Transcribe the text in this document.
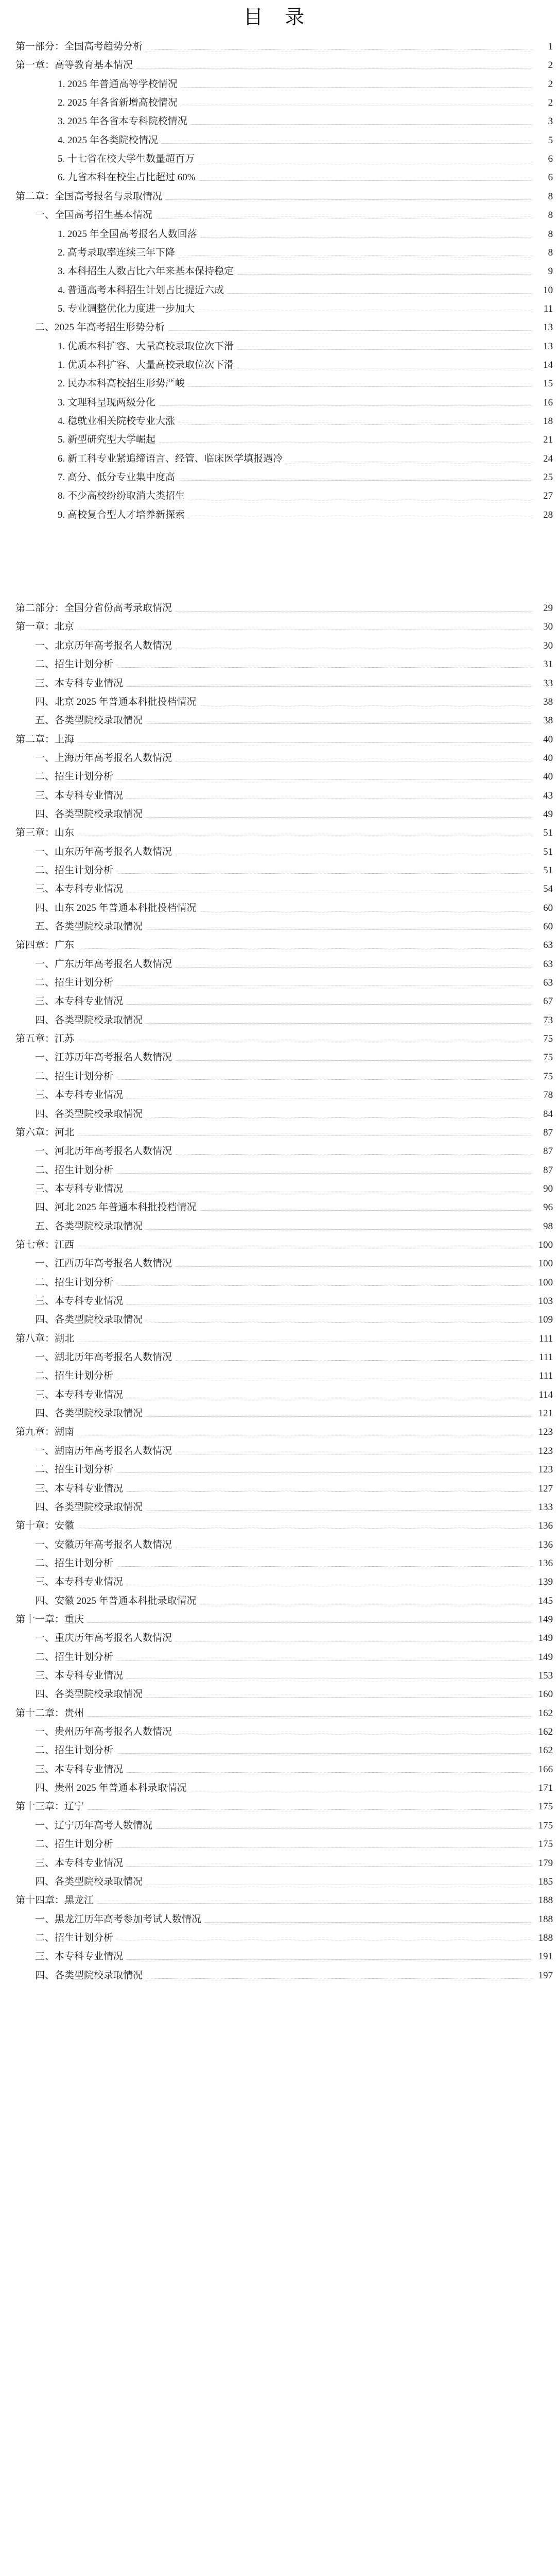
目 录
第一部分：全国高考趋势分析	1
第一章：高等教育基本情况	2
1. 2025 年普通高等学校情况	2
2. 2025 年各省新增高校情况	2
3. 2025 年各省本专科院校情况	3
4. 2025 年各类院校情况	5
5. 十七省在校大学生数量超百万	6
6. 九省本科在校生占比超过 60%	6
第二章：全国高考报名与录取情况	8
一、全国高考招生基本情况	8
1. 2025 年全国高考报名人数回落	8
2. 高考录取率连续三年下降	8
3. 本科招生人数占比六年来基本保持稳定	9
4. 普通高考本科招生计划占比提近六成	10
5. 专业调整优化力度进一步加大	11
二、2025 年高考招生形势分析	13
1. 优质本科扩容、大量高校录取位次下滑	13
1. 优质本科扩容、大量高校录取位次下滑	14
2. 民办本科高校招生形势严峻	15
3. 文理科呈现两级分化	16
4. 稳就业相关院校专业大涨	18
5. 新型研究型大学崛起	21
6. 新工科专业紧追缔语言、经管、临床医学填报遇冷	24
7. 高分、低分专业集中度高	25
8. 不少高校纷纷取消大类招生	27
9. 高校复合型人才培养新探索	28
第二部分：全国分省份高考录取情况	29
第一章：北京	30
一、北京历年高考报名人数情况	30
二、招生计划分析	31
三、本专科专业情况	33
四、北京 2025 年普通本科批投档情况	38
五、各类型院校录取情况	38
第二章：上海	40
一、上海历年高考报名人数情况	40
二、招生计划分析	40
三、本专科专业情况	43
四、各类型院校录取情况	49
第三章：山东	51
一、山东历年高考报名人数情况	51
二、招生计划分析	51
三、本专科专业情况	54
四、山东 2025 年普通本科批投档情况	60
五、各类型院校录取情况	60
第四章：广东	63
一、广东历年高考报名人数情况	63
二、招生计划分析	63
三、本专科专业情况	67
四、各类型院校录取情况	73
第五章：江苏	75
一、江苏历年高考报名人数情况	75
二、招生计划分析	75
三、本专科专业情况	78
四、各类型院校录取情况	84
第六章：河北	87
一、河北历年高考报名人数情况	87
二、招生计划分析	87
三、本专科专业情况	90
四、河北 2025 年普通本科批投档情况	96
五、各类型院校录取情况	98
第七章：江西	100
一、江西历年高考报名人数情况	100
二、招生计划分析	100
三、本专科专业情况	103
四、各类型院校录取情况	109
第八章：湖北	111
一、湖北历年高考报名人数情况	111
二、招生计划分析	111
三、本专科专业情况	114
四、各类型院校录取情况	121
第九章：湖南	123
一、湖南历年高考报名人数情况	123
二、招生计划分析	123
三、本专科专业情况	127
四、各类型院校录取情况	133
第十章：安徽	136
一、安徽历年高考报名人数情况	136
二、招生计划分析	136
三、本专科专业情况	139
四、安徽 2025 年普通本科批录取情况	145
第十一章：重庆	149
一、重庆历年高考报名人数情况	149
二、招生计划分析	149
三、本专科专业情况	153
四、各类型院校录取情况	160
第十二章：贵州	162
一、贵州历年高考报名人数情况	162
二、招生计划分析	162
三、本专科专业情况	166
四、贵州 2025 年普通本科录取情况	171
第十三章：辽宁	175
一、辽宁历年高考人数情况	175
二、招生计划分析	175
三、本专科专业情况	179
四、各类型院校录取情况	185
第十四章：黑龙江	188
一、黑龙江历年高考参加考试人数情况	188
二、招生计划分析	188
三、本专科专业情况	191
四、各类型院校录取情况	197
